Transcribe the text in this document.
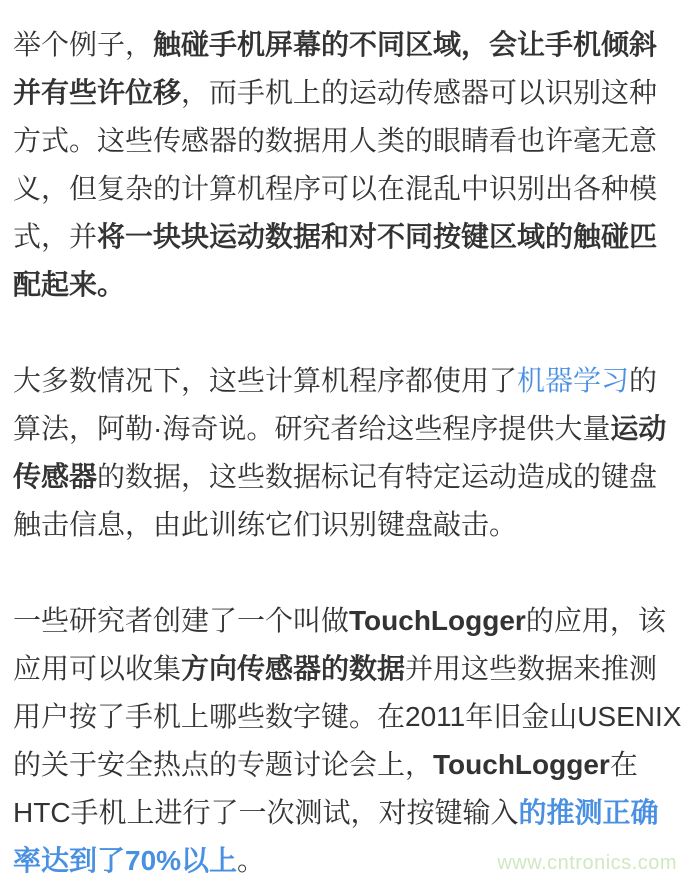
举个例子，触碰手机屏幕的不同区域，会让手机倾斜并有些许位移，而手机上的运动传感器可以识别这种方式。这些传感器的数据用人类的眼睛看也许毫无意义，但复杂的计算机程序可以在混乱中识别出各种模式，并将一块块运动数据和对不同按键区域的触碰匹配起来。

大多数情况下，这些计算机程序都使用了机器学习的算法，阿勒·海奇说。研究者给这些程序提供大量运动传感器的数据，这些数据标记有特定运动造成的键盘触击信息，由此训练它们识别键盘敲击。

一些研究者创建了一个叫做TouchLogger的应用，该应用可以收集方向传感器的数据并用这些数据来推测用户按了手机上哪些数字键。在2011年旧金山USENIX的关于安全热点的专题讨论会上，TouchLogger在HTC手机上进行了一次测试，对按键输入的推测正确率达到了70%以上。	www.cntronics.com
